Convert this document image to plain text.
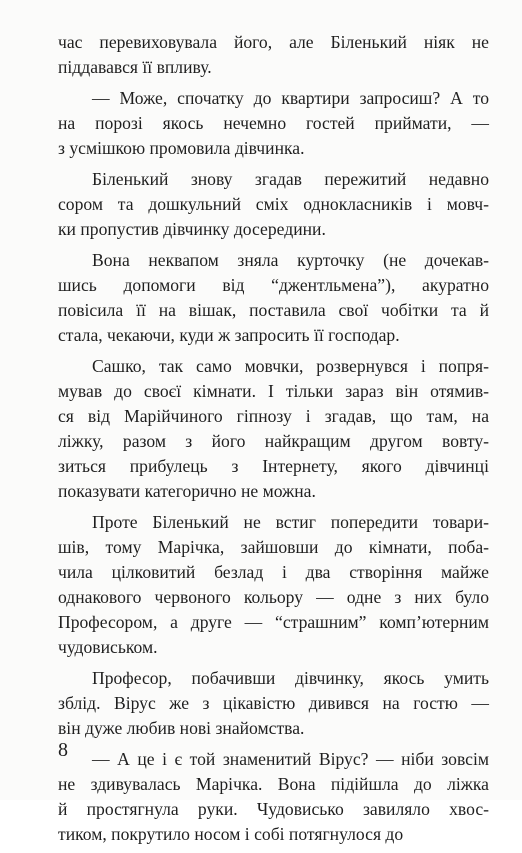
час перевиховувала його, але Біленький ніяк не
піддавався її впливу.
— Може, спочатку до квартири запросиш? А то
на порозі якось нечемно гостей приймати, —
з усмішкою промовила дівчинка.
Біленький знову згадав пережитий недавно
сором та дошкульний сміх однокласників і мовч-
ки пропустив дівчинку досередини.
Вона неквапом зняла курточку (не дочекав-
шись допомоги від “джентльмена”), акуратно
повісила її на вішак, поставила свої чобітки та й
стала, чекаючи, куди ж запросить її господар.
Сашко, так само мовчки, розвернувся і попря-
мував до своєї кімнати. І тільки зараз він отямив-
ся від Марійчиного гіпнозу і згадав, що там, на
ліжку, разом з його найкращим другом вовту-
зиться прибулець з Інтернету, якого дівчинці
показувати категорично не можна.
Проте Біленький не встиг попередити товари-
шів, тому Марічка, зайшовши до кімнати, поба-
чила цілковитий безлад і два створіння майже
однакового червоного кольору — одне з них було
Професором, а друге — “страшним” комп’ютерним
чудовиськом.
Професор, побачивши дівчинку, якось умить
зблід. Вірус же з цікавістю дивився на гостю —
він дуже любив нові знайомства.
— А це і є той знаменитий Вірус? — ніби зовсім
не здивувалась Марічка. Вона підійшла до ліжка
й простягнула руки. Чудовисько завиляло хвос-
тиком, покрутило носом і собі потягнулося до
8
